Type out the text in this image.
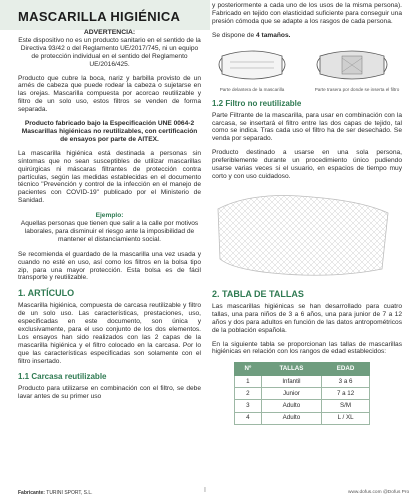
MASCARILLA HIGIÉNICA
ADVERTENCIA:
Este dispositivo no es un producto sanitario en el sentido de la Directiva 93/42 o del Reglamento UE/2017/745, ni un equipo de protección individual en el sentido del Reglamento UE/2016/425.

Producto que cubre la boca, nariz y barbilla provisto de un arnés de cabeza que puede rodear la cabeza o sujetarse en las orejas. Mascarilla compuesta por acorcao reutilizable y filtro de un solo uso, estos filtros se venden de forma separada.

Producto fabricado bajo la Especificación UNE 0064-2 Mascarillas higiénicas no reutilizables, con certificación de ensayos por parte de AITEX.

La mascarilla higiénica está destinada a personas sin síntomas que no sean susceptibles de utilizar mascarillas quirúrgicas ni máscaras filtrantes de protección contra partículas, según las medidas establecidas en el documento técnico "Prevención y control de la infección en el manejo de pacientes con COVID-19" publicado por el Ministerio de Sanidad.

Ejemplo:
Aquellas personas que tienen que salir a la calle por motivos laborales, para disminuir el riesgo ante la imposibilidad de mantener el distanciamiento social.

Se recomienda el guardado de la mascarilla una vez usada y cuando no esté en uso, así como los filtros en la bolsa tipo zip, para una mayor protección. Esta bolsa es de fácil transporte y reutilizable.

1. ARTÍCULO

Mascarilla higiénica, compuesta de carcasa reutilizable y filtro de un solo uso. Las características, prestaciones, uso, especificadas en este documento, son única y exclusivamente, para el uso conjunto de los dos elementos. Los ensayos han sido realizados con las 2 capas de la mascarilla higiénica y el filtro colocado en la carcasa. Por lo que las características especificadas son solamente con el filtro insertado.

1.1 Carcasa reutilizable

Producto para utilizarse en combinación con el filtro, se debe lavar antes de su primer uso

y posteriormente a cada uno de los usos de la misma persona). Fabricado en tejido con elasticidad suficiente para conseguir una presión cómoda que se adapte a los rasgos de cada persona.

Se dispone de 4 tamaños.
Parte delantera de la mascarilla	Parte trasera por donde se inserta el filtro
1.2 Filtro no reutilizable

Parte Filtrante de la mascarilla, para usar en combinación con la carcasa, se insertará el filtro entre las dos capas de tejido, tal como se indica. Tras cada uso el filtro ha de ser desechado. Se venda por separado.

Producto destinado a usarse en una sola persona, preferiblemente durante un procedimiento único pudiendo usarse varias veces si el usuario, en espacios de tiempo muy corto y con uso cuidadoso.

2. TABLA DE TALLAS

Las mascarillas higiénicas se han desarrollado para cuatro tallas, una para niños de 3 a 6 años, una para junior de 7 a 12 años y dos para adultos en función de las datos antropométricos de la población española.

En la siguiente tabla se proporcionan las tallas de mascarillas higiénicas en relación con los rangos de edad establecidos:

Nº	TALLAS	EDAD
1	Infantil	3 a 6
2	Junior	7 a 12
3	Adulto	S/M
4	Adulto	L / XL
Fabricante: TURINI SPORT, S.L.	I	www.dofus.com @Dofus Pro
